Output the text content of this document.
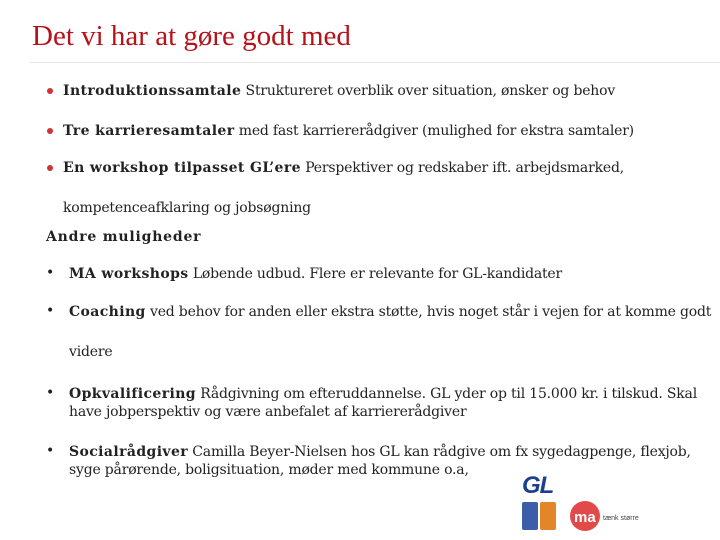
Det vi har at gøre godt med
Introduktionssamtale Struktureret overblik over situation, ønsker og behov
Tre karrieresamtaler med fast karriererådgiver (mulighed for ekstra samtaler)
En workshop tilpasset GL’ere Perspektiver og redskaber ift. arbejdsmarked,
kompetenceafklaring og jobsøgning
Andre muligheder
• MA workshops Løbende udbud. Flere er relevante for GL-kandidater
• Coaching ved behov for anden eller ekstra støtte, hvis noget står i vejen for at komme godt
videre
• Opkvalificering Rådgivning om efteruddannelse. GL yder op til 15.000 kr. i tilskud. Skal
have jobperspektiv og være anbefalet af karriererådgiver
• Socialrådgiver Camilla Beyer-Nielsen hos GL kan rådgive om fx sygedagpenge, flexjob,
syge pårørende, boligsituation, møder med kommune o.a,
GL
ma tænk større
